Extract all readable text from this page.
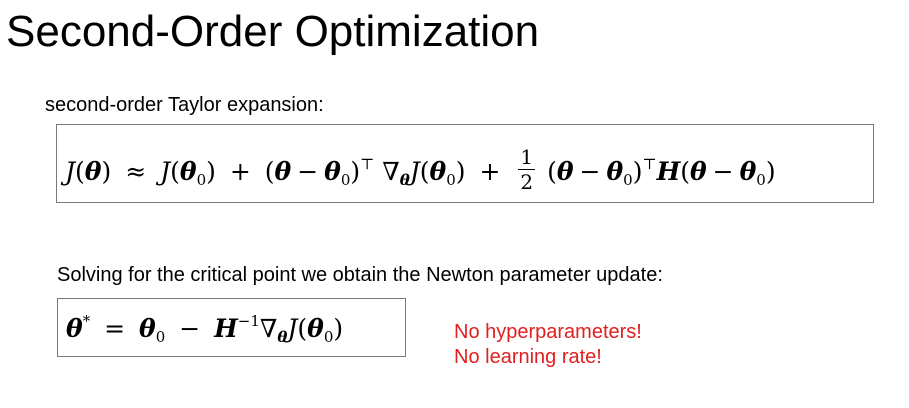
Second-Order Optimization
second-order Taylor expansion:
J(θ) ≈ J(θ0) + (θ − θ0)⊤ $\nabla\theta J(\theta 0) + \frac{1}{2} (\theta$ − θ0)⊤H(θ − θ0)
Solving for the critical point we obtain the Newton parameter update:
θ* = θ0 − H−1∇θJ(θ0)	No hyperparameters!
No learning rate!
